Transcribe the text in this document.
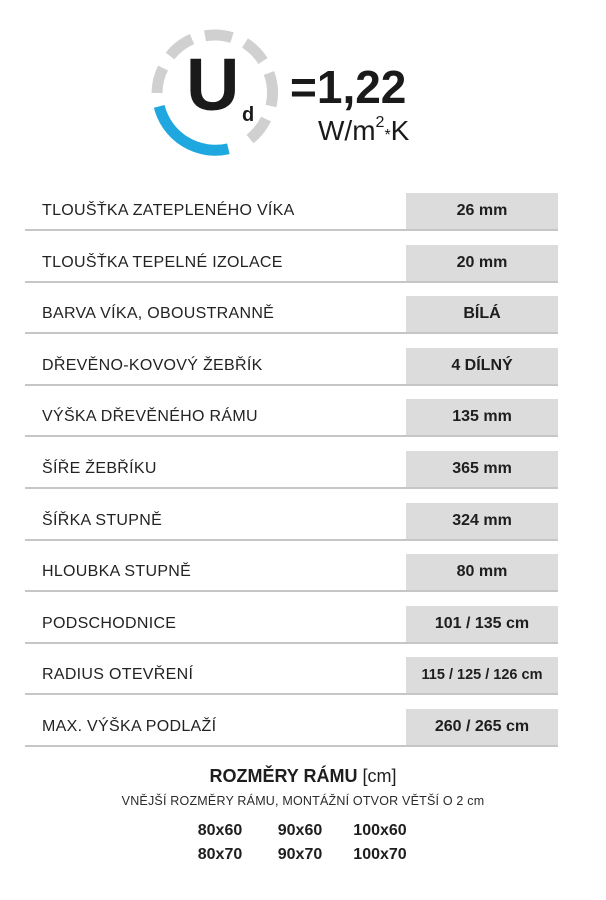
U d
=1,22
$W/m^2*K$
TLOUŠŤKA ZATEPLENÉHO VÍKA	26 mm
TLOUŠŤKA TEPELNÉ IZOLACE	20 mm
BARVA VÍKA, OBOUSTRANNĚ	BÍLÁ
DŘEVĚNO-KOVOVÝ ŽEBŘÍK	4 DÍLNÝ
VÝŠKA DŘEVĚNÉHO RÁMU	135 mm
ŠÍŘE ŽEBŘÍKU	365 mm
ŠÍŘKA STUPNĚ	324 mm
HLOUBKA STUPNĚ	80 mm
PODSCHODNICE	101 / 135 cm
RADIUS OTEVŘENÍ	115 / 125 / 126 cm
MAX. VÝŠKA PODLAŽÍ	260 / 265 cm
ROZMĚRY RÁMU [cm]
VNĚJŠÍ ROZMĚRY RÁMU, MONTÁŽNÍ OTVOR VĚTŠÍ O 2 cm
80x60	90x60	100x60
80x70	90x70	100x70
